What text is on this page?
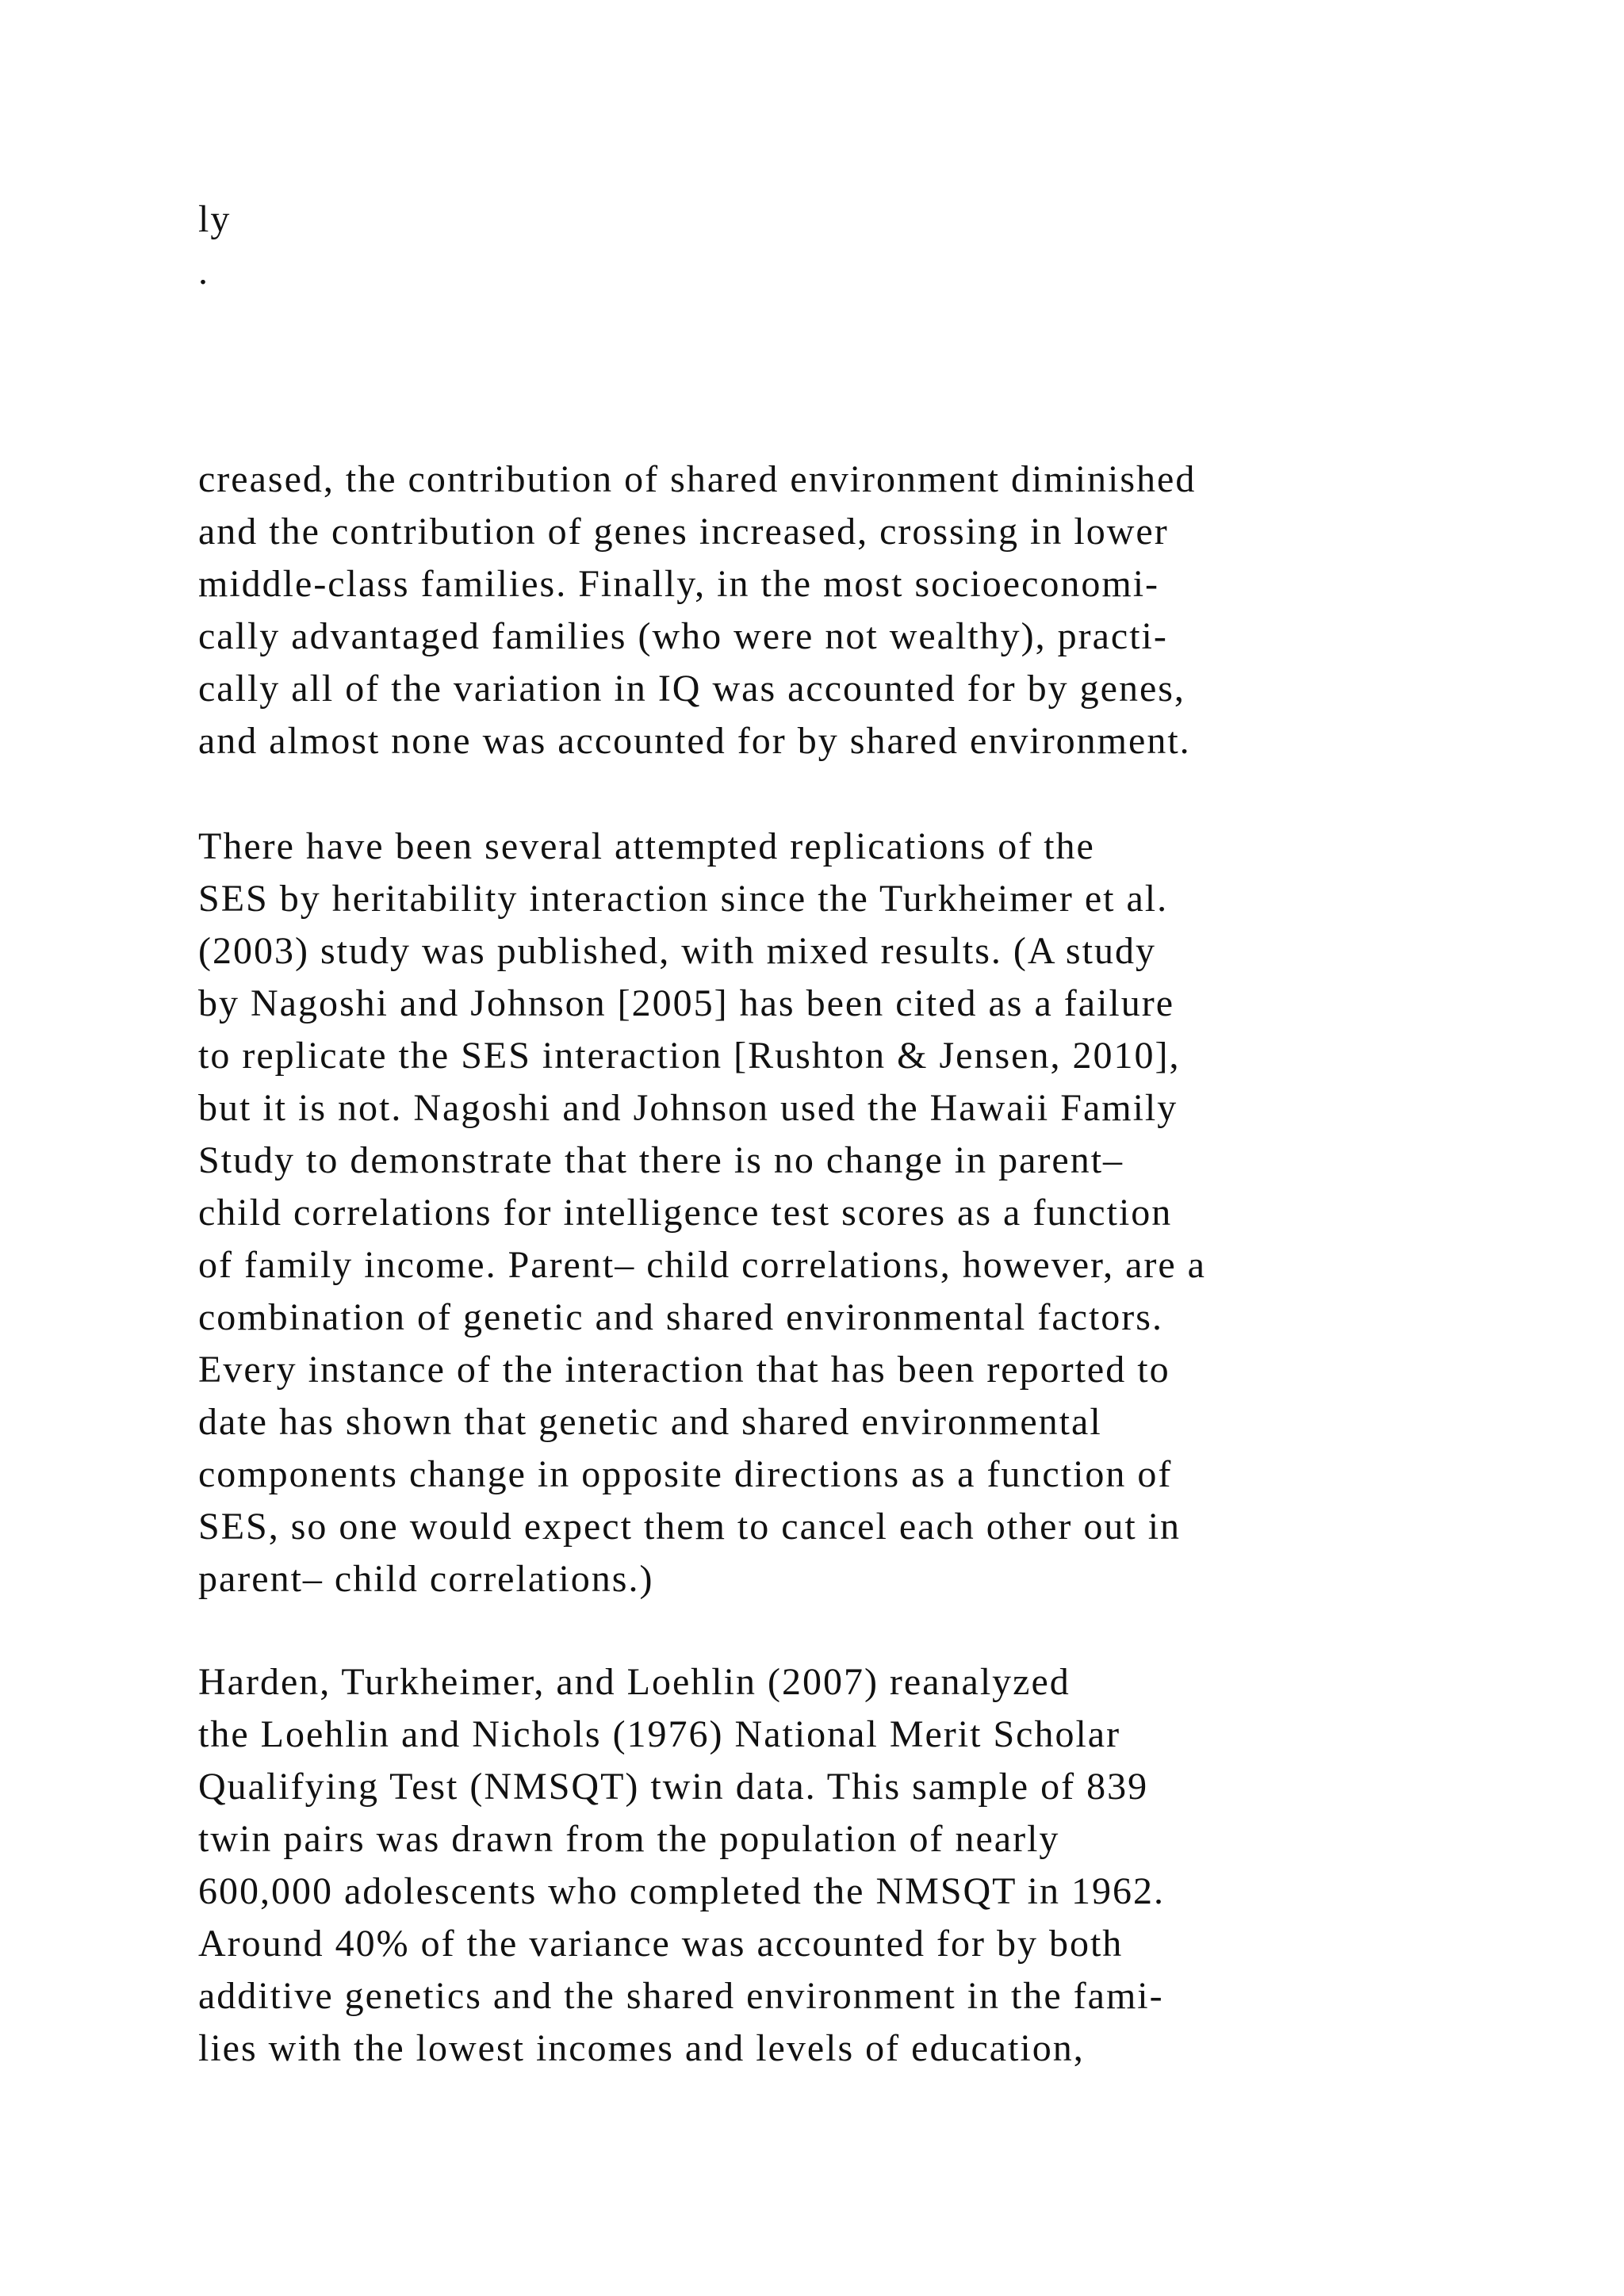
ly
.
creased, the contribution of shared environment diminished
and the contribution of genes increased, crossing in lower
middle-class families. Finally, in the most socioeconomi-
cally advantaged families (who were not wealthy), practi-
cally all of the variation in IQ was accounted for by genes,
and almost none was accounted for by shared environment.
There have been several attempted replications of the
SES by heritability interaction since the Turkheimer et al.
(2003) study was published, with mixed results. (A study
by Nagoshi and Johnson [2005] has been cited as a failure
to replicate the SES interaction [Rushton & Jensen, 2010],
but it is not. Nagoshi and Johnson used the Hawaii Family
Study to demonstrate that there is no change in parent–
child correlations for intelligence test scores as a function
of family income. Parent– child correlations, however, are a
combination of genetic and shared environmental factors.
Every instance of the interaction that has been reported to
date has shown that genetic and shared environmental
components change in opposite directions as a function of
SES, so one would expect them to cancel each other out in
parent– child correlations.)
Harden, Turkheimer, and Loehlin (2007) reanalyzed
the Loehlin and Nichols (1976) National Merit Scholar
Qualifying Test (NMSQT) twin data. This sample of 839
twin pairs was drawn from the population of nearly
600,000 adolescents who completed the NMSQT in 1962.
Around 40% of the variance was accounted for by both
additive genetics and the shared environment in the fami-
lies with the lowest incomes and levels of education,
